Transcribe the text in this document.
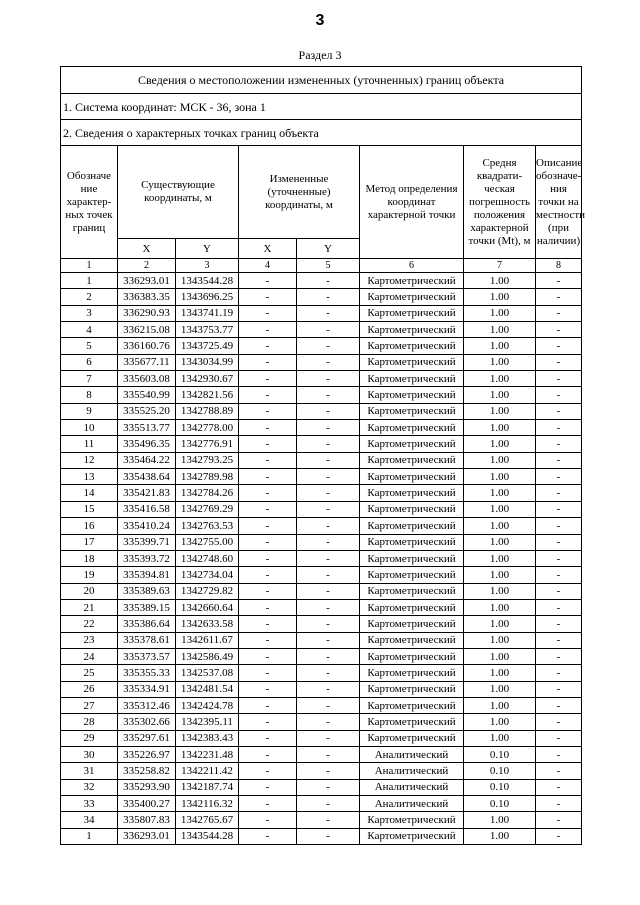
3
Раздел 3
Сведения о местоположении измененных (уточненных) границ объекта							
1. Система координат: МСК - 36, зона 1							
2. Сведения о характерных точках границ объекта							
Обозначе ние характер- ных точек границ	Существующие координаты, м		Измененные (уточненные) координаты, м		Метод определения координат характерной точки	Средня квадрати- ческая погрешность положения характерной точки (Mt), м	Описание обозначе- ния точки на местности (при наличии)
	X	Y	X	Y			
1	2	3	4	5	6	7	8
1	336293.01	1343544.28	-	-	Картометрический	1.00	-
2	336383.35	1343696.25	-	-	Картометрический	1.00	-
3	336290.93	1343741.19	-	-	Картометрический	1.00	-
4	336215.08	1343753.77	-	-	Картометрический	1.00	-
5	336160.76	1343725.49	-	-	Картометрический	1.00	-
6	335677.11	1343034.99	-	-	Картометрический	1.00	-
7	335603.08	1342930.67	-	-	Картометрический	1.00	-
8	335540.99	1342821.56	-	-	Картометрический	1.00	-
9	335525.20	1342788.89	-	-	Картометрический	1.00	-
10	335513.77	1342778.00	-	-	Картометрический	1.00	-
11	335496.35	1342776.91	-	-	Картометрический	1.00	-
12	335464.22	1342793.25	-	-	Картометрический	1.00	-
13	335438.64	1342789.98	-	-	Картометрический	1.00	-
14	335421.83	1342784.26	-	-	Картометрический	1.00	-
15	335416.58	1342769.29	-	-	Картометрический	1.00	-
16	335410.24	1342763.53	-	-	Картометрический	1.00	-
17	335399.71	1342755.00	-	-	Картометрический	1.00	-
18	335393.72	1342748.60	-	-	Картометрический	1.00	-
19	335394.81	1342734.04	-	-	Картометрический	1.00	-
20	335389.63	1342729.82	-	-	Картометрический	1.00	-
21	335389.15	1342660.64	-	-	Картометрический	1.00	-
22	335386.64	1342633.58	-	-	Картометрический	1.00	-
23	335378.61	1342611.67	-	-	Картометрический	1.00	-
24	335373.57	1342586.49	-	-	Картометрический	1.00	-
25	335355.33	1342537.08	-	-	Картометрический	1.00	-
26	335334.91	1342481.54	-	-	Картометрический	1.00	-
27	335312.46	1342424.78	-	-	Картометрический	1.00	-
28	335302.66	1342395.11	-	-	Картометрический	1.00	-
29	335297.61	1342383.43	-	-	Картометрический	1.00	-
30	335226.97	1342231.48	-	-	Аналитический	0.10	-
31	335258.82	1342211.42	-	-	Аналитический	0.10	-
32	335293.90	1342187.74	-	-	Аналитический	0.10	-
33	335400.27	1342116.32	-	-	Аналитический	0.10	-
34	335807.83	1342765.67	-	-	Картометрический	1.00	-
1	336293.01	1343544.28	-	-	Картометрический	1.00	-
